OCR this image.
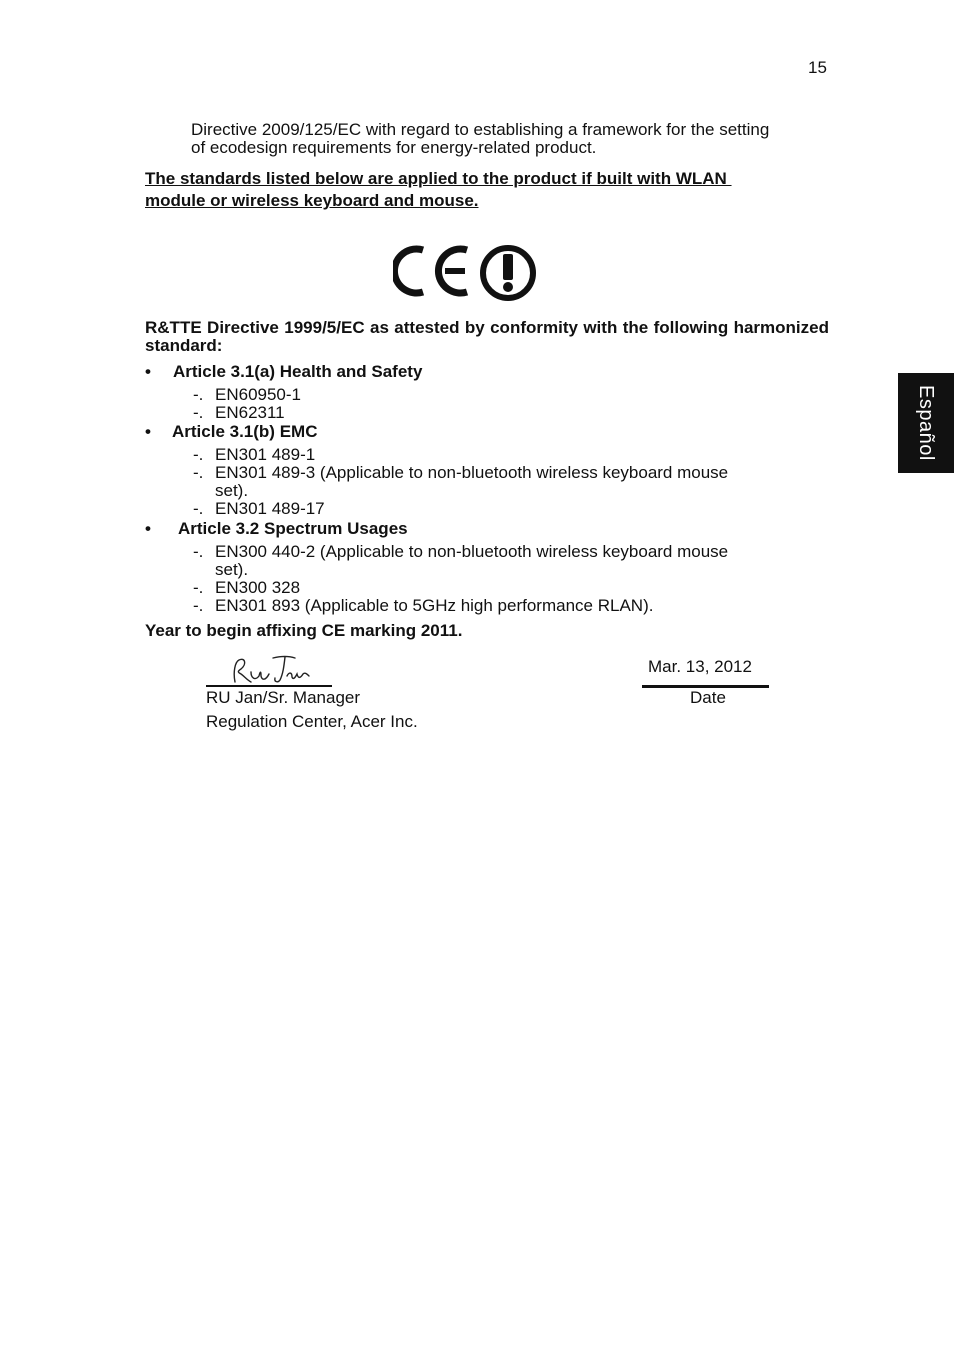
15
Directive 2009/125/EC with regard to establishing a framework for the setting
of ecodesign requirements for energy-related product.
The standards listed below are applied to the product if built with WLAN
module or wireless keyboard and mouse.
R&TTE Directive 1999/5/EC as attested by conformity with the following harmonized standard:
• Article 3.1(a) Health and Safety
-. EN60950-1
-. EN62311
• Article 3.1(b) EMC
-. EN301 489-1
-. EN301 489-3 (Applicable to non-bluetooth wireless keyboard mouse
set).
-. EN301 489-17
• Article 3.2 Spectrum Usages
-. EN300 440-2 (Applicable to non-bluetooth wireless keyboard mouse
set).
-. EN300 328
-. EN301 893 (Applicable to 5GHz high performance RLAN).
Year to begin affixing CE marking 2011.
RU Jan/Sr. Manager
Regulation Center, Acer Inc.
Mar. 13, 2012
Date
Español
